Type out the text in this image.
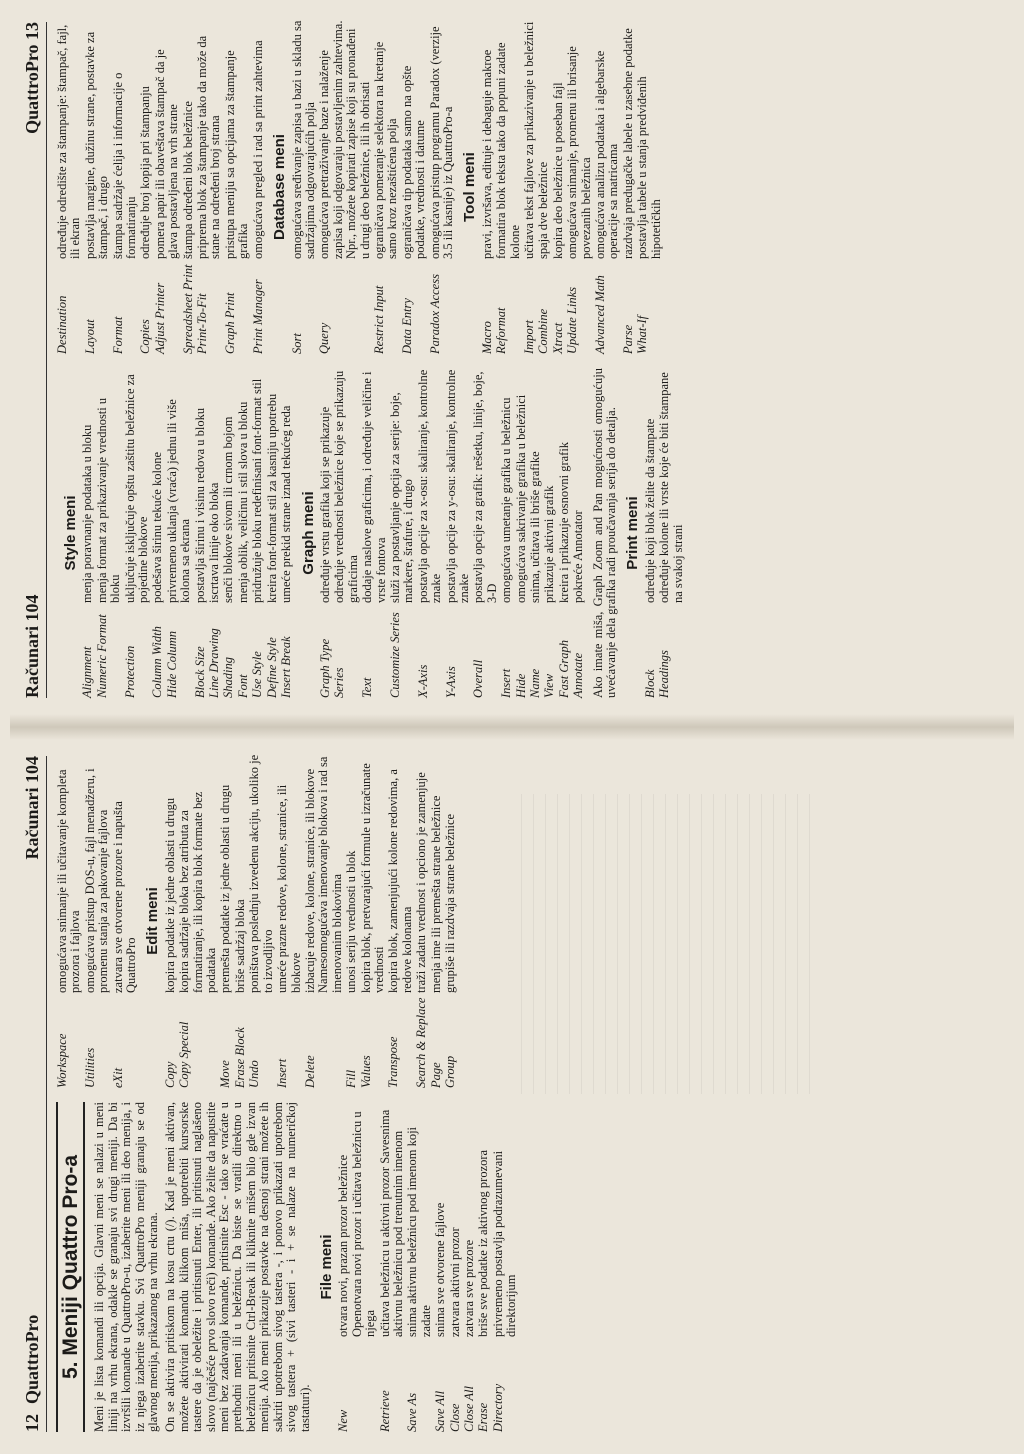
12
QuattroPro
Računari 104
5. Meniji Quattro Pro-a Meni je lista komandi ili opcija. Glavni meni se nalazi u meni liniji na vrhu ekrana, odakle se granaju svi drugi meniji. Da bi izvršili komande u QuattroPro-u, izaberite meni ili deo menija, i iz njega izaberite stavku. Svi QuattroPro meniji granaju se od glavnog menija, prikazanog na vrhu ekrana. On se aktivira pritiskom na kosu crtu (/). Kad je meni aktivan, možete aktivirati komandu klikom miša, upotrebiti kursorske tastere da je obeležite i pritisnuti Enter, ili pritisnuti naglašeno slovo (najčešće prvo slovo reči) komande. Ako želite da napustite meni bez zadavanja komande, pritisnite Esc - tako se vraćate u prethodni meni ili u beležnicu. Da biste se vratili direktno u beležnicu pritisnite Ctrl-Break ili kliknite mišem bilo gde izvan menija. Ako meni prikazuje postavke na desnoj strani možete ih sakriti upotrebom sivog tastera -, i ponovo prikazati upotrebom sivog tastera + (sivi tasteri - i + se nalaze na numeričkoj tastaturi).

File meni
New
otvara novi, prazan prozor beležnice Openotvara novi prozor i učitava beležnicu u njega
Retrieve
učitava beležnicu u aktivni prozor Savesnima aktivnu beležnicu pod trenutnim imenom
Save As
snima aktivnu beležnicu pod imenom koji zadate
Save All
snima sve otvorene fajlove
Close
zatvara aktivni prozor
Close All
zatvara sve prozore
Erase
briše sve podatke iz aktivnog prozora
Directory
privremeno postavlja podrazumevani direktorijum
Workspace
omogućava snimanje ili učitavanje kompleta prozora i fajlova
Utilities
omogućava pristup DOS-u, fajl menadžeru, i promenu stanja za pakovanje fajlova
eXit
zatvara sve otvorene prozore i napušta QuattroPro
Edit meni
Copy
kopira podatke iz jedne oblasti u drugu
Copy Special
kopira sadržaje bloka bez atributa za formatiranje, ili kopira blok formate bez podataka
Move
premešta podatke iz jedne oblasti u drugu
Erase Block
briše sadržaj bloka
Undo
poništava poslednju izvedenu akciju, ukoliko je to izvodljivo
Insert
umeće prazne redove, kolone, stranice, ili blokove
Delete
izbacuje redove, kolone, stranice, ili blokove Namesomogućava imenovanje blokova i rad sa imenovanim blokovima
Fill
unosi seriju vrednosti u blok
Values
kopira blok, pretvarajući formule u izračunate vrednosti
Transpose
kopira blok, zamenjujući kolone redovima, a redove kolonama
Search & Replace
traži zadatu vrednost i opciono je zamenjuje
Page
menja ime ili premešta strane beležnice
Group
grupiše ili razdvaja strane beležnice
Računari 104
QuattroPro 13
Style meni
Alignment
menja poravnanje podataka u bloku
Numeric Format
menja format za prikazivanje vrednosti u bloku
Protection
uključuje isključuje opštu zaštitu beležnice za pojedine blokove
Column Width
podešava širinu tekuće kolone
Hide Column
privremeno uklanja (vraća) jednu ili više kolona sa ekrana
Block Size
postavlja širinu i visinu redova u bloku
Line Drawing
iscrtava linije oko bloka
Shading
senči blokove sivom ili crnom bojom
Font
menja oblik, veličinu i stil slova u bloku
Use Style
pridružuje bloku redefinisani font-format stil
Define Style
kreira font-format stil za kasniju upotrebu
Insert Break
umeće prekid strane iznad tekućeg reda Graph meni
Graph Type
određuje vrstu grafika koji se prikazuje
Series
određuje vrednosti beležnice koje se prikazuju graficima
Text
dodaje naslove graficima, i određuje veličine i vrste fontova
Customize Series
služi za postavljanje opcija za serije: boje, markere, šrafure, i drugo
X-Axis
postavlja opcije za x-osu: skaliranje, kontrolne znake
Y-Axis
postavlja opcije za y-osu: skaliranje, kontrolne znake
Overall
postavlja opcije za grafik: rešetku, linije, boje, 3-D
Insert
omogućava umetanje grafika u beležnicu
Hide
omogućava sakrivanje grafika u beležnici
Name
snima, učitava ili briše grafike
View
prikazuje aktivni grafik
Fast Graph
kreira i prikazuje osnovni grafik
Annotate
pokreće Annotator Ako imate miša, Graph Zoom and Pan mogućnosti omogućuju uvećavanje dela grafika radi proučavanja serija do detalja. Print meni
Block
određuje koji blok želite da štampate
Headings
određuje kolone ili vrste koje će biti štampane na svakoj strani
Destination
određuje odredište za štampanje: štampač, fajl, ili ekran
Layout
postavlja margine, dužinu strane, postavke za štampač, i drugo
Format
štampa sadržaje ćelija i informacije o formatiranju
Copies
određuje broj kopija pri štampanju
Adjust Printer
pomera papir ili obaveštava štampač da je glava postavljena na vrh strane
Spreadsheet Print
štampa određeni blok beležnice
Print-To-Fit
priprema blok za štampanje tako da može da stane na određeni broj strana
Graph Print
pristupa meniju sa opcijama za štampanje grafika
Print Manager
omogućava pregled i rad sa print zahtevima Database meni
Sort
omogućava sređivanje zapisa u bazi u skladu sa sadržajima odgovarajućih polja
Query
omogućava pretraživanje baze i nalaženje zapisa koji odgovaraju postavljenim zahtevima. Npr., možete kopirati zapise koji su pronađeni u drugi deo beležnice, ili ih obrisati
Restrict Input
ograničava pomeranje selektora na kretanje samo kroz nezaštićena polja
Data Entry
ograničava tip podataka samo na opšte podatke, vrednosti i datume
Paradox Access
omogućava pristup programu Paradox (verzije 3.5 ili kasnije) iz QuattroPro-a Tool meni
Macro
pravi, izvršava, edituje i debaguje makroe
Reformat
formatira blok teksta tako da popuni zadate kolone
Import
učitava tekst fajlove za prikazivanje u beležnici
Combine
spaja dve beležnice
Xtract
kopira deo beležnice u poseban fajl
Update Links
omogućava snimanje, promenu ili brisanje povezanih beležnica
Advanced Math
omogućava analizu podataka i algebarske operacije sa matricama
Parse
razdvaja predugačke labele u zasebne podatke
What-If
postavlja tabele u stanja predviđenih hipotetičkih
